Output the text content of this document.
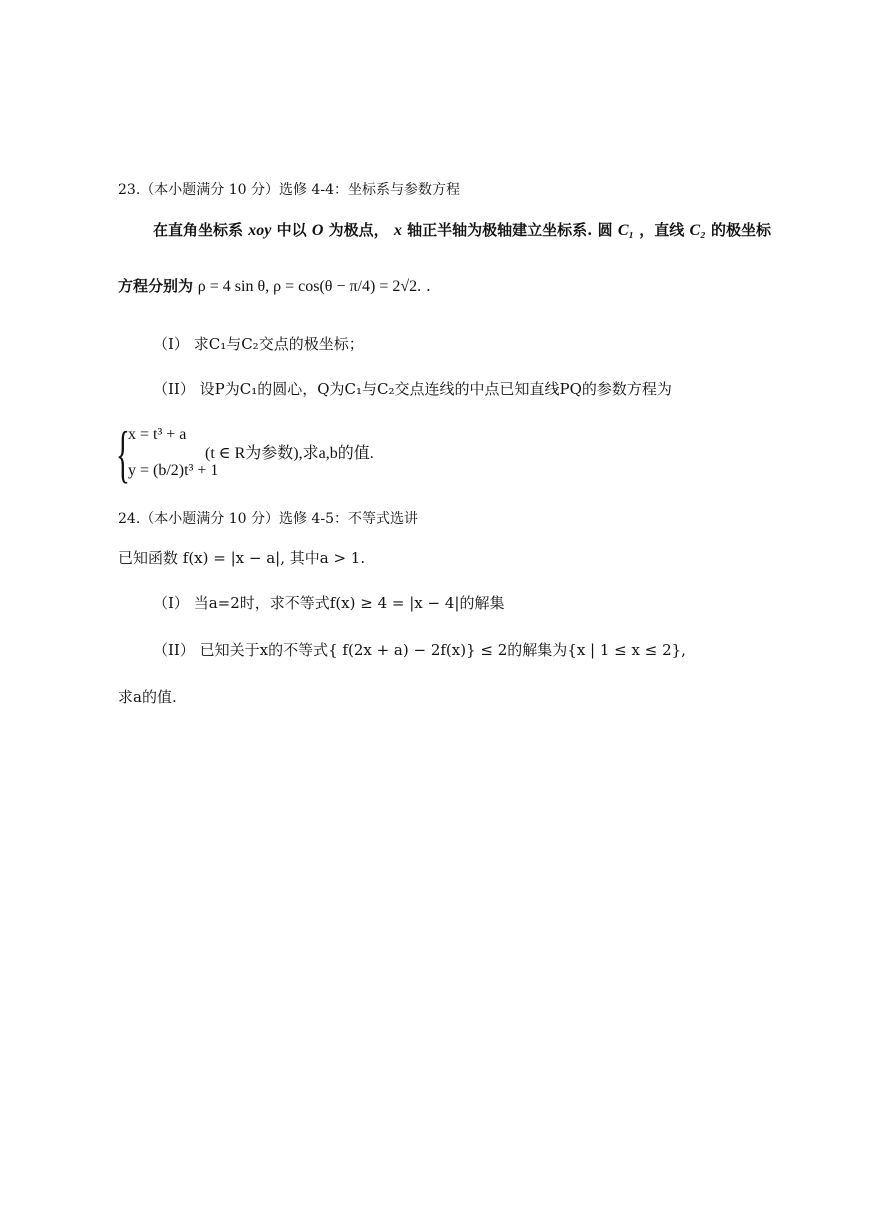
23.（本小题满分 10 分）选修 4-4：坐标系与参数方程
在直角坐标系 xoy 中以 O 为极点， x 轴正半轴为极轴建立坐标系. 圆 C₁ ，直线 C₂ 的极坐标
方程分别为 ρ = 4 sin θ, ρ = cos(θ − π/4) = 2√2. .
（I） 求C₁与C₂交点的极坐标；
（II） 设P为C₁的圆心，Q为C₁与C₂交点连线的中点已知直线PQ的参数方程为
{
x = t³ + a
y = (b/2)t³ + 1
(t ∈ R为参数),求a,b的值.
24.（本小题满分 10 分）选修 4-5：不等式选讲
已知函数 f(x) = |x − a|, 其中a > 1.
（I） 当a=2时，求不等式f(x) ≥ 4 = |x − 4|的解集
（II） 已知关于x的不等式{ f(2x + a) − 2f(x)} ≤ 2的解集为{x | 1 ≤ x ≤ 2},
求a的值.
